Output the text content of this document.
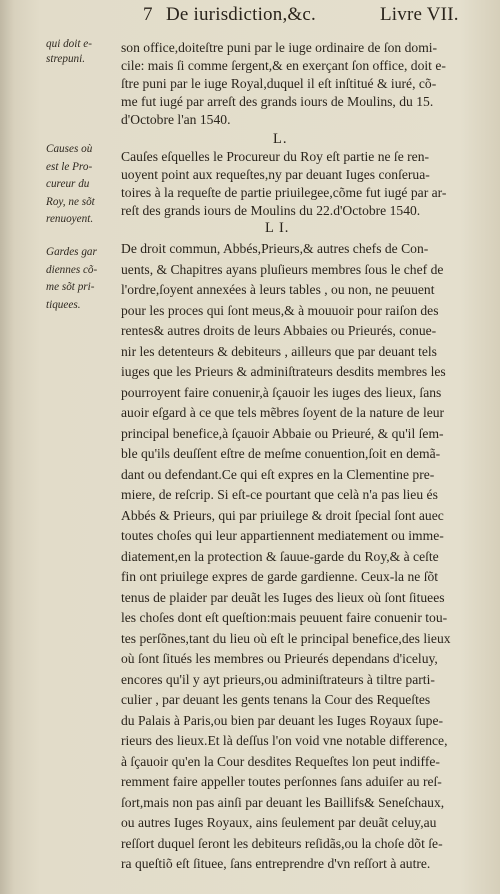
7 De iurisdiction,&c.	Livre VII.
qui doit e-
strepuni.
Causes où
est le Pro-
cureur du
Roy, ne sõt
renuoyent.
Gardes gar
diennes cõ-
me sõt pri-
tiquees.
son office,doiteſtre puni par le iuge ordinaire de ſon domi-
cile: mais ſi comme ſergent,& en exerçant ſon office, doit e-
ſtre puni par le iuge Royal,duquel il eſt inſtitué & iuré, cõ-
me fut iugé par arreſt des grands iours de Moulins, du 15.
d'Octobre l'an 1540.
L.
Cauſes eſquelles le Procureur du Roy eſt partie ne ſe ren-
uoyent point aux requeſtes,ny par deuant Iuges conſerua-
toires à la requeſte de partie priuilegee,cõme fut iugé par ar-
reſt des grands iours de Moulins du 22.d'Octobre 1540.
L I.
De droit commun, Abbés,Prieurs,& autres chefs de Con-
uents, & Chapitres ayans pluſieurs membres ſous le chef de
l'ordre,ſoyent annexées à leurs tables , ou non, ne peuuent
pour les proces qui ſont meus,& à mouuoir pour raiſon des
rentes& autres droits de leurs Abbaies ou Prieurés, conue-
nir les detenteurs & debiteurs , ailleurs que par deuant tels
iuges que les Prieurs & adminiſtrateurs desdits membres les
pourroyent faire conuenir,à ſçauoir les iuges des lieux, ſans
auoir eſgard à ce que tels mẽbres ſoyent de la nature de leur
principal benefice,à ſçauoir Abbaie ou Prieuré, & qu'il ſem-
ble qu'ils deuſſent eſtre de meſme conuention,ſoit en demã-
dant ou defendant.Ce qui eſt expres en la Clementine pre-
miere, de reſcrip. Si eſt-ce pourtant que celà n'a pas lieu és
Abbés & Prieurs, qui par priuilege & droit ſpecial ſont auec
toutes choſes qui leur appartiennent mediatement ou imme-
diatement,en la protection & ſauue-garde du Roy,& à ceſte
fin ont priuilege expres de garde gardienne. Ceux-la ne ſõt
tenus de plaider par deuãt les Iuges des lieux où ſont ſituees
les choſes dont eſt queſtion:mais peuuent faire conuenir tou-
tes perſõnes,tant du lieu où eſt le principal benefice,des lieux
où ſont ſitués les membres ou Prieurés dependans d'iceluy,
encores qu'il y ayt prieurs,ou adminiſtrateurs à tiltre parti-
culier , par deuant les gents tenans la Cour des Requeſtes
du Palais à Paris,ou bien par deuant les Iuges Royaux ſupe-
rieurs des lieux.Et là deſſus l'on void vne notable difference,
à ſçauoir qu'en la Cour desdites Requeſtes lon peut indiffe-
remment faire appeller toutes perſonnes ſans aduiſer au reſ-
ſort,mais non pas ainſi par deuant les Baillifs& Seneſchaux,
ou autres Iuges Royaux, ains ſeulement par deuãt celuy,au
reſſort duquel ſeront les debiteurs reſidãs,ou la choſe dõt ſe-
ra queſtiõ eſt ſituee, ſans entreprendre d'vn reſſort à autre.
